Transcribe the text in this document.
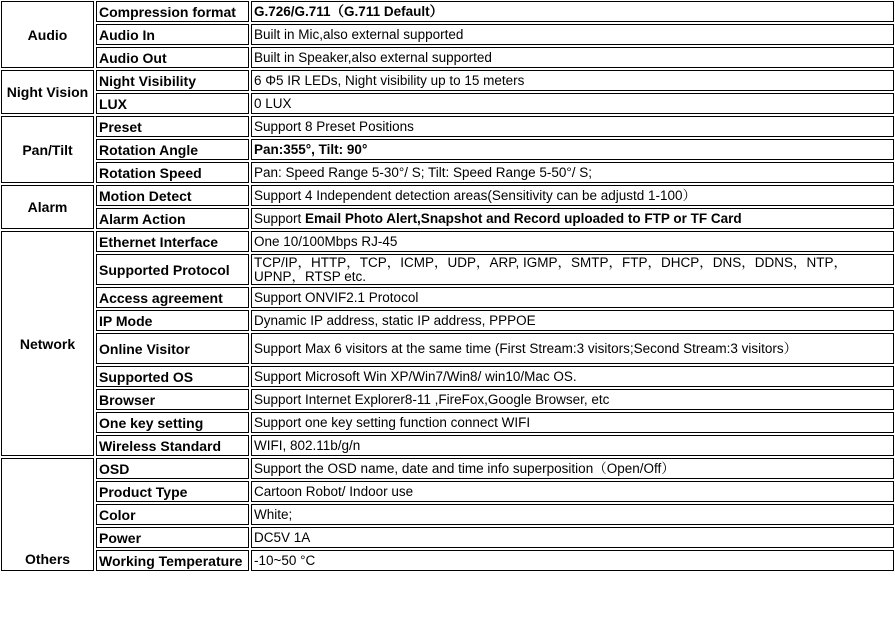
Audio	Compression format	G.726/G.711（G.711 Default）
	Audio In	Built in Mic,also external supported
	Audio Out	Built in Speaker,also external supported
Night Vision	Night Visibility	6 Φ5 IR LEDs, Night visibility up to 15 meters
	LUX	0 LUX
Pan/Tilt	Preset	Support 8 Preset Positions
	Rotation Angle	Pan:355°, Tilt: 90°
	Rotation Speed	Pan: Speed Range 5-30°/ S; Tilt: Speed Range 5-50°/ S;
Alarm	Motion Detect	Support 4 Independent detection areas(Sensitivity can be adjustd 1-100）
	Alarm Action	Support Email Photo Alert,Snapshot and Record uploaded to FTP or TF Card
Network	Ethernet Interface	One 10/100Mbps RJ-45
	Supported Protocol	TCP/IP，HTTP，TCP，ICMP，UDP，ARP, IGMP，SMTP，FTP，DHCP，DNS，DDNS，NTP，UPNP，RTSP etc.
	Access agreement	Support ONVIF2.1 Protocol
	IP Mode	Dynamic IP address, static IP address, PPPOE
	Online Visitor	Support Max 6 visitors at the same time (First Stream:3 visitors;Second Stream:3 visitors）
	Supported OS	Support Microsoft Win XP/Win7/Win8/ win10/Mac OS.
	Browser	Support Internet Explorer8-11 ,FireFox,Google Browser, etc
	One key setting	Support one key setting function connect WIFI
	Wireless Standard	WIFI, 802.11b/g/n
Others	OSD	Support the OSD name, date and time info superposition（Open/Off）
	Product Type	Cartoon Robot/ Indoor use
	Color	White;
	Power	DC5V 1A
	Working Temperature	-10~50 °C
